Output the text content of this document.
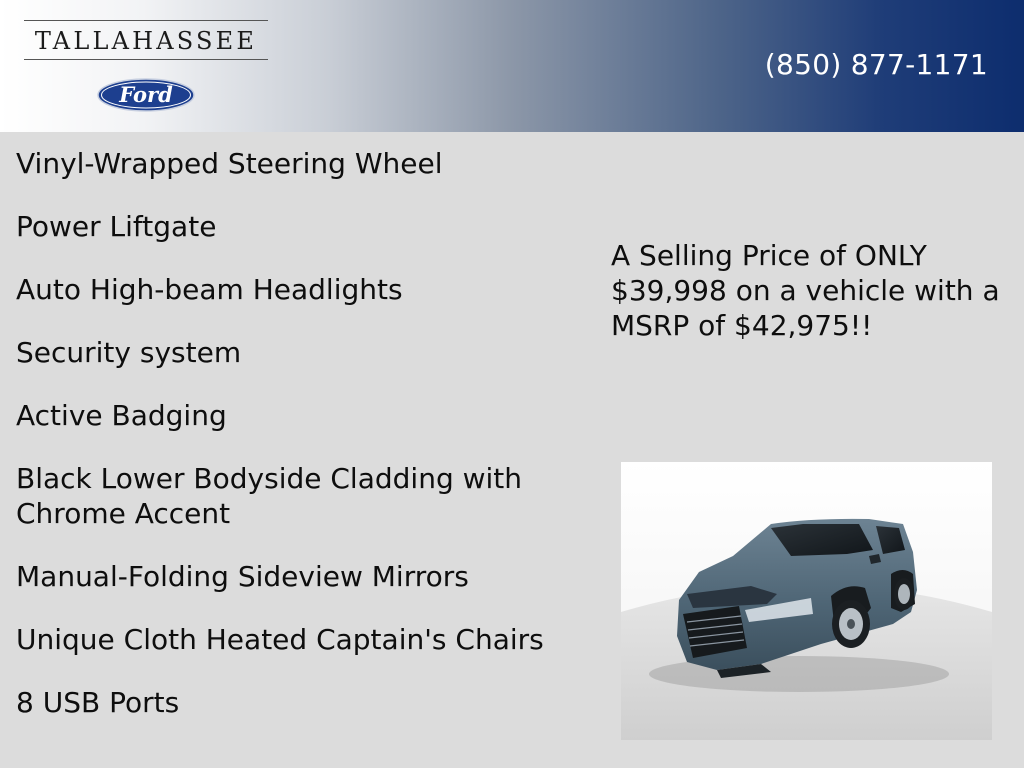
TALLAHASSEE
Ford
(850) 877-1171
Vinyl-Wrapped Steering Wheel
Power Liftgate
Auto High-beam Headlights
Security system
Active Badging
Black Lower Bodyside Cladding with Chrome Accent
Manual-Folding Sideview Mirrors
Unique Cloth Heated Captain's Chairs
8 USB Ports
A Selling Price of ONLY $39,998 on a vehicle with a MSRP of $42,975!!
